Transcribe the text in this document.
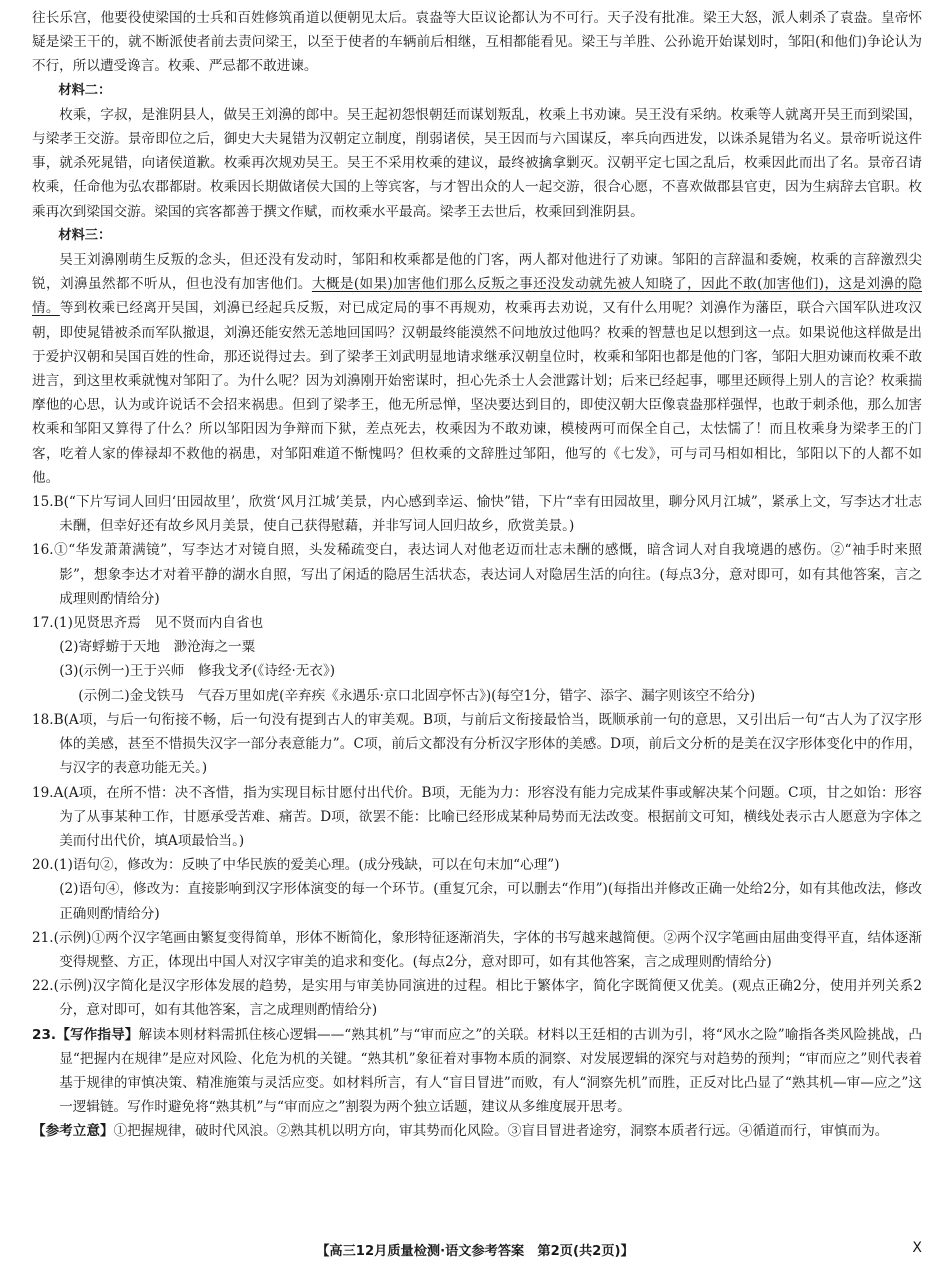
往长乐宫，他要役使梁国的士兵和百姓修筑甬道以便朝见太后。袁盎等大臣议论都认为不可行。天子没有批准。梁王大怒，派人刺杀了袁盎。皇帝怀疑是梁王干的，就不断派使者前去责问梁王，以至于使者的车辆前后相继，互相都能看见。梁王与羊胜、公孙诡开始谋划时，邹阳(和他们)争论认为不行，所以遭受谗言。枚乘、严忌都不敢进谏。

材料二：

枚乘，字叔，是淮阴县人，做吴王刘濞的郎中。吴王起初怨恨朝廷而谋划叛乱，枚乘上书劝谏。吴王没有采纳。枚乘等人就离开吴王而到梁国，与梁孝王交游。景帝即位之后，御史大夫晁错为汉朝定立制度，削弱诸侯，吴王因而与六国谋反，率兵向西进发，以诛杀晁错为名义。景帝听说这件事，就杀死晁错，向诸侯道歉。枚乘再次规劝吴王。吴王不采用枚乘的建议，最终被擒拿剿灭。汉朝平定七国之乱后，枚乘因此而出了名。景帝召请枚乘，任命他为弘农郡都尉。枚乘因长期做诸侯大国的上等宾客，与才智出众的人一起交游，很合心愿，不喜欢做郡县官吏，因为生病辞去官职。枚乘再次到梁国交游。梁国的宾客都善于撰文作赋，而枚乘水平最高。梁孝王去世后，枚乘回到淮阴县。

材料三：

吴王刘濞刚萌生反叛的念头，但还没有发动时，邹阳和枚乘都是他的门客，两人都对他进行了劝谏。邹阳的言辞温和委婉，枚乘的言辞激烈尖锐，刘濞虽然都不听从，但也没有加害他们。大概是(如果)加害他们那么反叛之事还没发动就先被人知晓了，因此不敢(加害他们)，这是刘濞的隐情。等到枚乘已经离开吴国，刘濞已经起兵反叛，对已成定局的事不再规劝，枚乘再去劝说，又有什么用呢？刘濞作为藩臣，联合六国军队进攻汉朝，即使晁错被杀而军队撤退，刘濞还能安然无恙地回国吗？汉朝最终能漠然不问地放过他吗？枚乘的智慧也足以想到这一点。如果说他这样做是出于爱护汉朝和吴国百姓的性命，那还说得过去。到了梁孝王刘武明显地请求继承汉朝皇位时，枚乘和邹阳也都是他的门客，邹阳大胆劝谏而枚乘不敢进言，到这里枚乘就愧对邹阳了。为什么呢？因为刘濞刚开始密谋时，担心先杀士人会泄露计划；后来已经起事，哪里还顾得上别人的言论？枚乘揣摩他的心思，认为或许说话不会招来祸患。但到了梁孝王，他无所忌惮，坚决要达到目的，即使汉朝大臣像袁盎那样强悍，也敢于刺杀他，那么加害枚乘和邹阳又算得了什么？所以邹阳因为争辩而下狱，差点死去，枚乘因为不敢劝谏，模棱两可而保全自己，太怯懦了！而且枚乘身为梁孝王的门客，吃着人家的俸禄却不救他的祸患，对邹阳难道不惭愧吗？但枚乘的文辞胜过邹阳，他写的《七发》，可与司马相如相比，邹阳以下的人都不如他。

15.B(“下片写词人回归‘田园故里’，欣赏‘风月江城’美景，内心感到幸运、愉快”错，下片“幸有田园故里，聊分风月江城”，紧承上文，写李达才壮志未酬，但幸好还有故乡风月美景，使自己获得慰藉，并非写词人回归故乡，欣赏美景。)

16.①“华发萧萧满镜”，写李达才对镜自照，头发稀疏变白，表达词人对他老迈而壮志未酬的感慨，暗含词人对自我境遇的感伤。②“袖手时来照影”，想象李达才对着平静的湖水自照，写出了闲适的隐居生活状态，表达词人对隐居生活的向往。(每点3分，意对即可，如有其他答案，言之成理则酌情给分)

17.(1)见贤思齐焉　见不贤而内自省也

(2)寄蜉蝣于天地　渺沧海之一粟

(3)(示例一)王于兴师　修我戈矛(《诗经·无衣》)

(示例二)金戈铁马　气吞万里如虎(辛弃疾《永遇乐·京口北固亭怀古》)(每空1分，错字、添字、漏字则该空不给分)

18.B(A项，与后一句衔接不畅，后一句没有提到古人的审美观。B项，与前后文衔接最恰当，既顺承前一句的意思，又引出后一句“古人为了汉字形体的美感，甚至不惜损失汉字一部分表意能力”。C项，前后文都没有分析汉字形体的美感。D项，前后文分析的是美在汉字形体变化中的作用，与汉字的表意功能无关。)

19.A(A项，在所不惜：决不吝惜，指为实现目标甘愿付出代价。B项，无能为力：形容没有能力完成某件事或解决某个问题。C项，甘之如饴：形容为了从事某种工作，甘愿承受苦难、痛苦。D项，欲罢不能：比喻已经形成某种局势而无法改变。根据前文可知，横线处表示古人愿意为字体之美而付出代价，填A项最恰当。)

20.(1)语句②，修改为：反映了中华民族的爱美心理。(成分残缺，可以在句末加“心理”)

(2)语句④，修改为：直接影响到汉字形体演变的每一个环节。(重复冗余，可以删去“作用”)(每指出并修改正确一处给2分，如有其他改法，修改正确则酌情给分)

21.(示例)①两个汉字笔画由繁复变得简单，形体不断简化，象形特征逐渐消失，字体的书写越来越简便。②两个汉字笔画由屈曲变得平直，结体逐渐变得规整、方正，体现出中国人对汉字审美的追求和变化。(每点2分，意对即可，如有其他答案，言之成理则酌情给分)

22.(示例)汉字简化是汉字形体发展的趋势，是实用与审美协同演进的过程。相比于繁体字，简化字既简便又优美。(观点正确2分，使用并列关系2分，意对即可，如有其他答案，言之成理则酌情给分)

23.【写作指导】解读本则材料需抓住核心逻辑——“熟其机”与“审而应之”的关联。材料以王廷相的古训为引，将“风水之险”喻指各类风险挑战，凸显“把握内在规律”是应对风险、化危为机的关键。“熟其机”象征着对事物本质的洞察、对发展逻辑的深究与对趋势的预判；“审而应之”则代表着基于规律的审慎决策、精准施策与灵活应变。如材料所言，有人“盲目冒进”而败，有人“洞察先机”而胜，正反对比凸显了“熟其机—审—应之”这一逻辑链。写作时避免将“熟其机”与“审而应之”割裂为两个独立话题，建议从多维度展开思考。

【参考立意】①把握规律，破时代风浪。②熟其机以明方向，审其势而化风险。③盲目冒进者途穷，洞察本质者行远。④循道而行，审慎而为。

【高三12月质量检测·语文参考答案　第2页(共2页)】	X
